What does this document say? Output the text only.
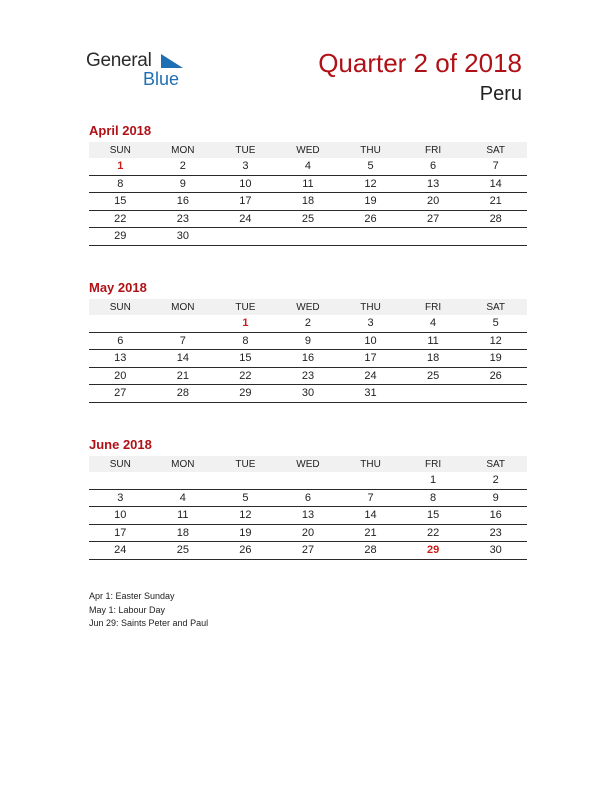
General
Blue
Quarter 2 of 2018
Peru
April 2018
SUN	MON	TUE	WED	THU	FRI	SAT
1	2	3	4	5	6	7
8	9	10	11	12	13	14
15	16	17	18	19	20	21
22	23	24	25	26	27	28
29	30					
May 2018
SUN	MON	TUE	WED	THU	FRI	SAT
		1	2	3	4	5
6	7	8	9	10	11	12
13	14	15	16	17	18	19
20	21	22	23	24	25	26
27	28	29	30	31		
June 2018
SUN	MON	TUE	WED	THU	FRI	SAT
					1	2
3	4	5	6	7	8	9
10	11	12	13	14	15	16
17	18	19	20	21	22	23
24	25	26	27	28	29	30
Apr 1: Easter Sunday
May 1: Labour Day
Jun 29: Saints Peter and Paul
